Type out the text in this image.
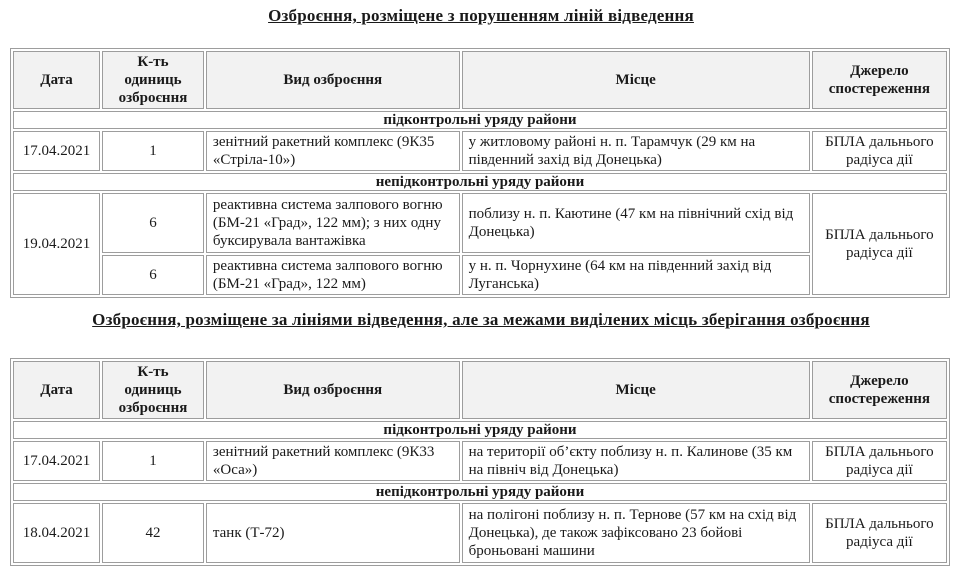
Озброєння, розміщене з порушенням ліній відведення
Дата	К-ть одиниць озброєння	Вид озброєння	Місце	Джерело спостереження
підконтрольні уряду райони				
17.04.2021	1	зенітний ракетний комплекс (9К35 «Стріла-10»)	у житловому районі н. п. Тарамчук (29 км на південний захід від Донецька)	БПЛА дальнього радіуса дії
непідконтрольні уряду райони				
19.04.2021	6	реактивна система залпового вогню (БМ-21 «Град», 122 мм); з них одну буксирувала вантажівка	поблизу н. п. Каютине (47 км на північний схід від Донецька)	БПЛА дальнього радіуса дії
	6	реактивна система залпового вогню (БМ-21 «Град», 122 мм)	у н. п. Чорнухине (64 км на південний захід від Луганська)	
Озброєння, розміщене за лініями відведення, але за межами виділених місць зберігання озброєння
Дата	К-ть одиниць озброєння	Вид озброєння	Місце	Джерело спостереження
підконтрольні уряду райони				
17.04.2021	1	зенітний ракетний комплекс (9К33 «Оса»)	на території об’єкту поблизу н. п. Калинове (35 км на північ від Донецька)	БПЛА дальнього радіуса дії
непідконтрольні уряду райони				
18.04.2021	42	танк (Т-72)	на полігоні поблизу н. п. Тернове (57 км на схід від Донецька), де також зафіксовано 23 бойові броньовані машини	БПЛА дальнього радіуса дії
